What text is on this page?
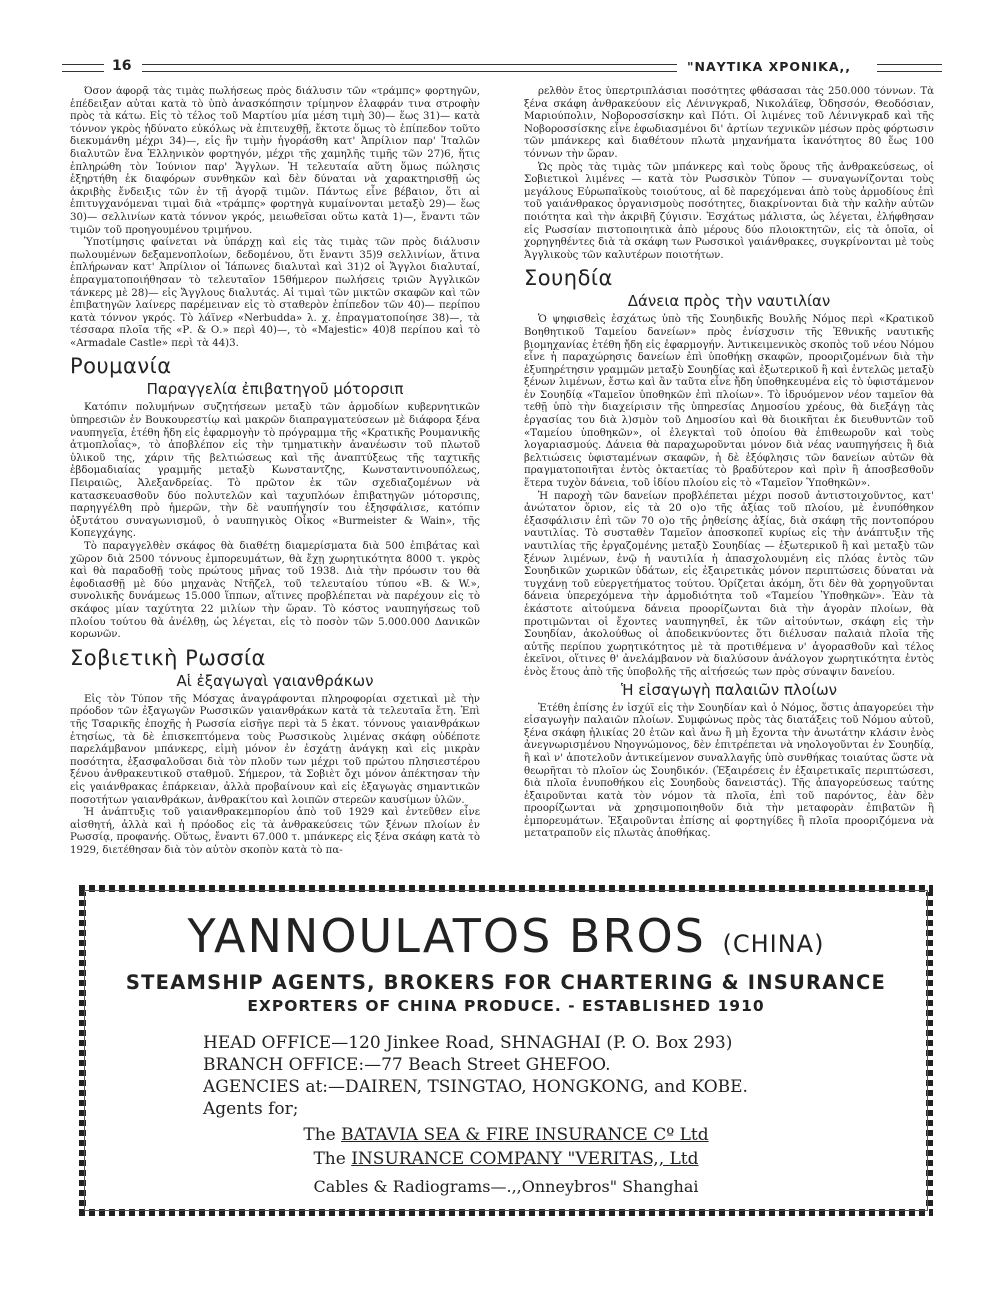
16	"ΝΑΥΤΙΚΑ ΧΡΟΝΙΚΑ,,

Όσον άφορᾷ τὰς τιμὰς πωλήσεως πρὸς διάλυσιν τῶν «τράμπς» φορτηγῶν, ἐπέδειξαν αὐται κατὰ τὸ ὑπὸ ἀνασκόπησιν τρίμηνον ἐλαφράν τινα στροφὴν πρὸς τὰ κάτω. Εἰς τὸ τέλος τοῦ Μαρτίου μία μέση τιμὴ 30)— ἕως 31)— κατὰ τόννον γκρὸς ἠδύνατο εὐκόλως νὰ ἐπιτευχθῇ, ἔκτοτε ὅμως τὸ ἐπίπεδον τοῦτο διεκυμάνθη μέχρι 34)—, εἰς ἣν τιμὴν ἠγοράσθη κατ' Ἀπρίλιον παρ' Ἰταλῶν διαλυτῶν ἕνα Ἑλληνικὸν φορτηγόν, μέχρι τῆς χαμηλῆς τιμῆς τῶν 27)6, ἥτις ἐπληρώθη τὸν Ἰούνιον παρ' Ἄγγλων. Ἡ τελευταία αὕτη ὅμως πώλησις ἐξηρτήθη ἐκ διαφόρων συνθηκῶν καὶ δὲν δύναται νὰ χαρακτηρισθῇ ὡς ἀκριβὴς ἔνδειξις τῶν ἐν τῇ ἀγορᾷ τιμῶν. Πάντως εἶνε βέβαιον, ὅτι αἱ ἐπιτυγχανόμεναι τιμαὶ διὰ «τράμπς» φορτηγὰ κυμαίνονται μεταξὺ 29)— ἕως 30)— σελλινίων κατὰ τόννον γκρός, μειωθεῖσαι οὕτω κατὰ 1)—, ἔναντι τῶν τιμῶν τοῦ προηγουμένου τριμήνου.

Ὑποτίμησις φαίνεται νὰ ὑπάρχῃ καὶ εἰς τὰς τιμὰς τῶν πρὸς διάλυσιν πωλουμένων δεξαμενοπλοίων, δεδομένου, ὅτι ἔναντι 35)9 σελλινίων, ἅτινα ἐπλήρωναν κατ' Ἀπρίλιον οἱ Ἰάπωνες διαλυταὶ καὶ 31)2 οἱ Ἄγγλοι διαλυταί, ἐπραγματοποιήθησαν τὸ τελευταῖον 15θήμερον πωλήσεις τριῶν Ἀγγλικῶν τάνκερς μὲ 28)— εἰς Ἄγγλους διαλυτάς. Αἱ τιμαὶ τῶν μικτῶν σκαφῶν καὶ τῶν ἐπιβατηγῶν λαίνερς παρέμειναν εἰς τὸ σταθερὸν ἐπίπεδον τῶν 40)— περίπου κατὰ τόννον γκρός. Τὸ λάϊνερ «Nerbudda» λ. χ. ἐπραγματοποίησε 38)—, τὰ τέσσαρα πλοῖα τῆς «Ρ. & Ο.» περὶ 40)—, τὸ «Majestic» 40)8 περίπου καὶ τὸ «Armadale Castle» περὶ τὰ 44)3.

Ρουμανία
Παραγγελία ἐπιβατηγοῦ μότορσιπ

Κατόπιν πολυμήνων συζητήσεων μεταξὺ τῶν ἁρμοδίων κυβερνητικῶν ὑπηρεσιῶν ἐν Βουκουρεστίῳ καὶ μακρῶν διαπραγματεύσεων μὲ διάφορα ξένα ναυπηγεῖα, ἐτέθη ἤδη εἰς ἐφαρμογὴν τὸ πρόγραμμα τῆς «Κρατικῆς Ρουμανικῆς ἀτμοπλοΐας», τὸ ἀποβλέπον εἰς τὴν τμηματικὴν ἀνανέωσιν τοῦ πλωτοῦ ὑλικοῦ της, χάριν τῆς βελτιώσεως καὶ τῆς ἀναπτύξεως τῆς ταχτικῆς ἑβδομαδιαίας γραμμῆς μεταξὺ Κωνσταντζης, Κωνσταντινουπόλεως, Πειραιῶς, Ἀλεξανδρείας. Τὸ πρῶτον ἐκ τῶν σχεδιαζομένων νὰ κατασκευασθοῦν δύο πολυτελῶν καὶ ταχυπλόων ἐπιβατηγῶν μότορσιπς, παρηγγέλθη πρὸ ἡμερῶν, τὴν δὲ ναυπήγησίν του ἐξησφάλισε, κατόπιν ὀξυτάτου συναγωνισμοῦ, ὁ ναυπηγικὸς Οἶκος «Burmeister & Wain», τῆς Κοπεγχάγης.

Τὸ παραγγελθὲν σκάφος θὰ διαθέτῃ διαμερίσματα διὰ 500 ἐπιβάτας καὶ χῶρον διὰ 2500 τόννους ἐμπορευμάτων, θὰ ἔχῃ χωρητικότητα 8000 τ. γκρὸς καὶ θὰ παραδοθῇ τοὺς πρώτους μῆνας τοῦ 1938. Διὰ τὴν πρόωσιν του θὰ ἐφοδιασθῇ μὲ δύο μηχανὰς Ντῆζελ, τοῦ τελευταίου τύπου «Β. & W.», συνολικῆς δυνάμεως 15.000 ἵππων, αἵτινες προβλέπεται νὰ παρέχουν εἰς τὸ σκάφος μίαν ταχύτητα 22 μιλίων τὴν ὥραν. Τὸ κόστος ναυπηγήσεως τοῦ πλοίου τούτου θὰ ἀνέλθῃ, ὡς λέγεται, εἰς τὸ ποσὸν τῶν 5.000.000 Δανικῶν κορωνῶν.

Σοβιετικὴ Ρωσσία
Αἱ ἐξαγωγαὶ γαιανθράκων

Εἰς τὸν Τύπον τῆς Μόσχας ἀναγράφονται πληροφορίαι σχετικαὶ μὲ τὴν πρόοδον τῶν ἐξαγωγῶν Ρωσσικῶν γαιανθράκων κατὰ τὰ τελευταῖα ἔτη. Ἐπὶ τῆς Τσαρικῆς ἐποχῆς ἡ Ρωσσία εἰσῆγε περὶ τὰ 5 ἑκατ. τόννους γαιανθράκων ἐτησίως, τὰ δὲ ἐπισκεπτόμενα τοὺς Ρωσσικοὺς λιμένας σκάφη οὐδέποτε παρελάμβανον μπάνκερς, εἰμὴ μόνον ἐν ἐσχάτῃ ἀνάγκῃ καὶ εἰς μικρὰν ποσότητα, ἐξασφαλοῦσαι διὰ τὸν πλοῦν των μέχρι τοῦ πρώτου πλησιεστέρου ξένου ἀνθρακευτικοῦ σταθμοῦ. Σήμερον, τὰ Σοβιὲτ ὄχι μόνον ἀπέκτησαν τὴν εἰς γαιάνθρακας ἐπάρκειαν, ἀλλὰ προβαίνουν καὶ εἰς ἐξαγωγὰς σημαντικῶν ποσοτήτων γαιανθράκων, ἀνθρακίτου καὶ λοιπῶν στερεῶν καυσίμων ὑλῶν.

Ἡ ἀνάπτυξις τοῦ γαιανθρακεμπορίου ἀπὸ τοῦ 1929 καὶ ἐντεῦθεν εἶνε αἰσθητή, ἀλλὰ καὶ ἡ πρόοδος εἰς τὰ ἀνθρακεύσεις τῶν ξένων πλοίων ἐν Ρωσσίᾳ, προφανής. Οὕτως, ἔναντι 67.000 τ. μπάνκερς εἰς ξένα σκάφη κατὰ τὸ 1929, διετέθησαν διὰ τὸν αὐτὸν σκοπὸν κατὰ τὸ πα-

ρελθὸν ἔτος ὑπερτριπλάσιαι ποσότητες φθάσασαι τὰς 250.000 τόννων. Τὰ ξένα σκάφη ἀνθρακεύουν εἰς Λένινγκραδ, Νικολάϊεφ, Ὀδησσόν, Θεοδόσιαν, Μαριούπολιν, Νοβοροσσίσκην καὶ Πότι. Οἱ λιμένες τοῦ Λένινγκραδ καὶ τῆς Νοβοροσσίσκης εἶνε ἐφωδιασμένοι δι' ἀρτίων τεχνικῶν μέσων πρὸς φόρτωσιν τῶν μπάνκερς καὶ διαθέτουν πλωτὰ μηχανήματα ἱκανότητος 80 ἕως 100 τόννων τὴν ὥραν.

Ὡς πρὸς τὰς τιμὰς τῶν μπάνκερς καὶ τοὺς ὅρους τῆς ἀνθρακεύσεως, οἱ Σοβιετικοὶ λιμένες — κατὰ τὸν Ρωσσικὸν Τύπον — συναγωνίζονται τοὺς μεγάλους Εὐρωπαϊκοὺς τοιούτους, αἱ δὲ παρεχόμεναι ἀπὸ τοὺς ἁρμοδίους ἐπὶ τοῦ γαιάνθρακος ὀργανισμοὺς ποσότητες, διακρίνονται διὰ τὴν καλὴν αὐτῶν ποιότητα καὶ τὴν ἀκριβῆ ζύγισιν. Ἐσχάτως μάλιστα, ὡς λέγεται, ἐλήφθησαν εἰς Ρωσσίαν πιστοποιητικὰ ἀπὸ μέρους δύο πλοιοκτητῶν, εἰς τὰ ὁποῖα, οἱ χορηγηθέντες διὰ τὰ σκάφη των Ρωσσικοὶ γαιάνθρακες, συγκρίνονται μὲ τοὺς Ἀγγλικοὺς τῶν καλυτέρων ποιοτήτων.

Σουηδία
Δάνεια πρὸς τὴν ναυτιλίαν

Ὁ ψηφισθεὶς ἐσχάτως ὑπὸ τῆς Σουηδικῆς Βουλῆς Νόμος περὶ «Κρατικοῦ Βοηθητικοῦ Ταμείου δανείων» πρὸς ἐνίσχυσιν τῆς Ἐθνικῆς ναυτικῆς βιομηχανίας ἐτέθη ἤδη εἰς ἐφαρμογήν. Ἀντικειμενικὸς σκοπὸς τοῦ νέου Νόμου εἶνε ἡ παραχώρησις δανείων ἐπὶ ὑποθήκῃ σκαφῶν, προοριζομένων διὰ τὴν ἐξυπηρέτησιν γραμμῶν μεταξὺ Σουηδίας καὶ ἐξωτερικοῦ ἢ καὶ ἐντελῶς μεταξὺ ξένων λιμένων, ἔστω καὶ ἂν ταῦτα εἶνε ἤδη ὑποθηκευμένα εἰς τὸ ὑφιστάμενον ἐν Σουηδίᾳ «Ταμεῖον ὑποθηκῶν ἐπὶ πλοίων». Τὸ ἱδρυόμενον νέον ταμεῖον θὰ τεθῇ ὑπὸ τὴν διαχείρισιν τῆς ὑπηρεσίας Δημοσίου χρέους, θὰ διεξάγῃ τὰς ἐργασίας του διὰ λ)σμὸν τοῦ Δημοσίου καὶ θὰ διοικῆται ἐκ διευθυντῶν τοῦ «Ταμείου ὑποθηκῶν», οἱ ἐλεγκταὶ τοῦ ὁποίου θὰ ἐπιθεωροῦν καὶ τοὺς λογαριασμούς. Δάνεια θὰ παραχωροῦνται μόνον διὰ νέας ναυπηγήσεις ἢ διὰ βελτιώσεις ὑφισταμένων σκαφῶν, ἡ δὲ ἐξόφλησις τῶν δανείων αὐτῶν θὰ πραγματοποιῆται ἐντὸς ὀκταετίας τὸ βραδύτερον καὶ πρὶν ἢ ἀποσβεσθοῦν ἕτερα τυχὸν δάνεια, τοῦ ἰδίου πλοίου εἰς τὸ «Ταμεῖον Ὑποθηκῶν».

Ἡ παροχὴ τῶν δανείων προβλέπεται μέχρι ποσοῦ ἀντιστοιχοῦντος, κατ' ἀνώτατον ὅριον, εἰς τὰ 20 ο)ο τῆς ἀξίας τοῦ πλοίου, μὲ ἐνυπόθηκον ἐξασφάλισιν ἐπὶ τῶν 70 ο)ο τῆς ῥηθείσης ἀξίας, διὰ σκάφη τῆς ποντοπόρου ναυτιλίας. Τὸ συσταθὲν Ταμεῖον ἀποσκοπεῖ κυρίως εἰς τὴν ἀνάπτυξιν τῆς ναυτιλίας τῆς ἐργαζομένης μεταξὺ Σουηδίας — ἐξωτερικοῦ ἢ καὶ μεταξὺ τῶν ξένων λιμένων, ἐνῷ ἡ ναυτιλία ἡ ἀπασχολουμένη εἰς πλόας ἐντὸς τῶν Σουηδικῶν χωρικῶν ὑδάτων, εἰς ἐξαιρετικὰς μόνον περιπτώσεις δύναται νὰ τυγχάνῃ τοῦ εὐεργετήματος τούτου. Ὁρίζεται ἀκόμη, ὅτι δὲν θὰ χορηγοῦνται δάνεια ὑπερεχόμενα τὴν ἁρμοδιότητα τοῦ «Ταμείου Ὑποθηκῶν». Ἐὰν τὰ ἑκάστοτε αἰτούμενα δάνεια προορίζωνται διὰ τὴν ἀγορὰν πλοίων, θὰ προτιμῶνται οἱ ἔχοντες ναυπηγηθεῖ, ἐκ τῶν αἰτούντων, σκάφη εἰς τὴν Σουηδίαν, ἀκολούθως οἱ ἀποδεικνύοντες ὅτι διέλυσαν παλαιὰ πλοῖα τῆς αὐτῆς περίπου χωρητικότητος μὲ τὰ προτιθέμενα ν' ἀγορασθοῦν καὶ τέλος ἐκεῖνοι, οἵτινες θ' ἀνελάμβανον νὰ διαλύσουν ἀνάλογον χωρητικότητα ἐντὸς ἑνὸς ἔτους ἀπὸ τῆς ὑποβολῆς τῆς αἰτήσεώς των πρὸς σύναψιν δανείου.

Ἡ εἰσαγωγὴ παλαιῶν πλοίων

Ἐτέθη ἐπίσης ἐν ἰσχύϊ εἰς τὴν Σουηδίαν καὶ ὁ Νόμος, ὅστις ἀπαγορεύει τὴν εἰσαγωγὴν παλαιῶν πλοίων. Συμφώνως πρὸς τὰς διατάξεις τοῦ Νόμου αὐτοῦ, ξένα σκάφη ἡλικίας 20 ἐτῶν καὶ ἄνω ἢ μὴ ἔχοντα τὴν ἀνωτάτην κλάσιν ἑνὸς ἀνεγνωρισμένου Νηογνώμονος, δὲν ἐπιτρέπεται νὰ νηολογοῦνται ἐν Σουηδίᾳ, ἢ καὶ ν' ἀποτελοῦν ἀντικείμενον συναλλαγῆς ὑπὸ συνθήκας τοιαύτας ὥστε νὰ θεωρῆται τὸ πλοῖον ὡς Σουηδικόν. (Ἐξαιρέσεις ἐν ἐξαιρετικαῖς περιπτώσεσι, διὰ πλοῖα ἐνυποθήκου εἰς Σουηδοὺς δανειστάς). Τῆς ἀπαγορεύσεως ταύτης ἐξαιροῦνται κατὰ τὸν νόμον τὰ πλοῖα, ἐπὶ τοῦ παρόντος, ἐὰν δὲν προορίζωνται νὰ χρησιμοποιηθοῦν διὰ τὴν μεταφορὰν ἐπιβατῶν ἢ ἐμπορευμάτων. Ἐξαιροῦνται ἐπίσης αἱ φορτηγίδες ἢ πλοῖα προοριζόμενα νὰ μετατραποῦν εἰς πλωτὰς ἀποθήκας.

YANNOULATOS BROS (CHINA)
STEAMSHIP AGENTS, BROKERS FOR CHARTERING & INSURANCE
EXPORTERS OF CHINA PRODUCE. - ESTABLISHED 1910
HEAD OFFICE—120 Jinkee Road, SHNAGHAI (P. O. Box 293)
BRANCH OFFICE:—77 Beach Street GHEFOO.
AGENCIES at:—DAIREN, TSINGTAO, HONGKONG, and KOBE.
Agents for;
The BATAVIA SEA & FIRE INSURANCE Cº Ltd
The INSURANCE COMPANY "VERITAS,, Ltd
Cables & Radiograms—.,,Onneybros" Shanghai
